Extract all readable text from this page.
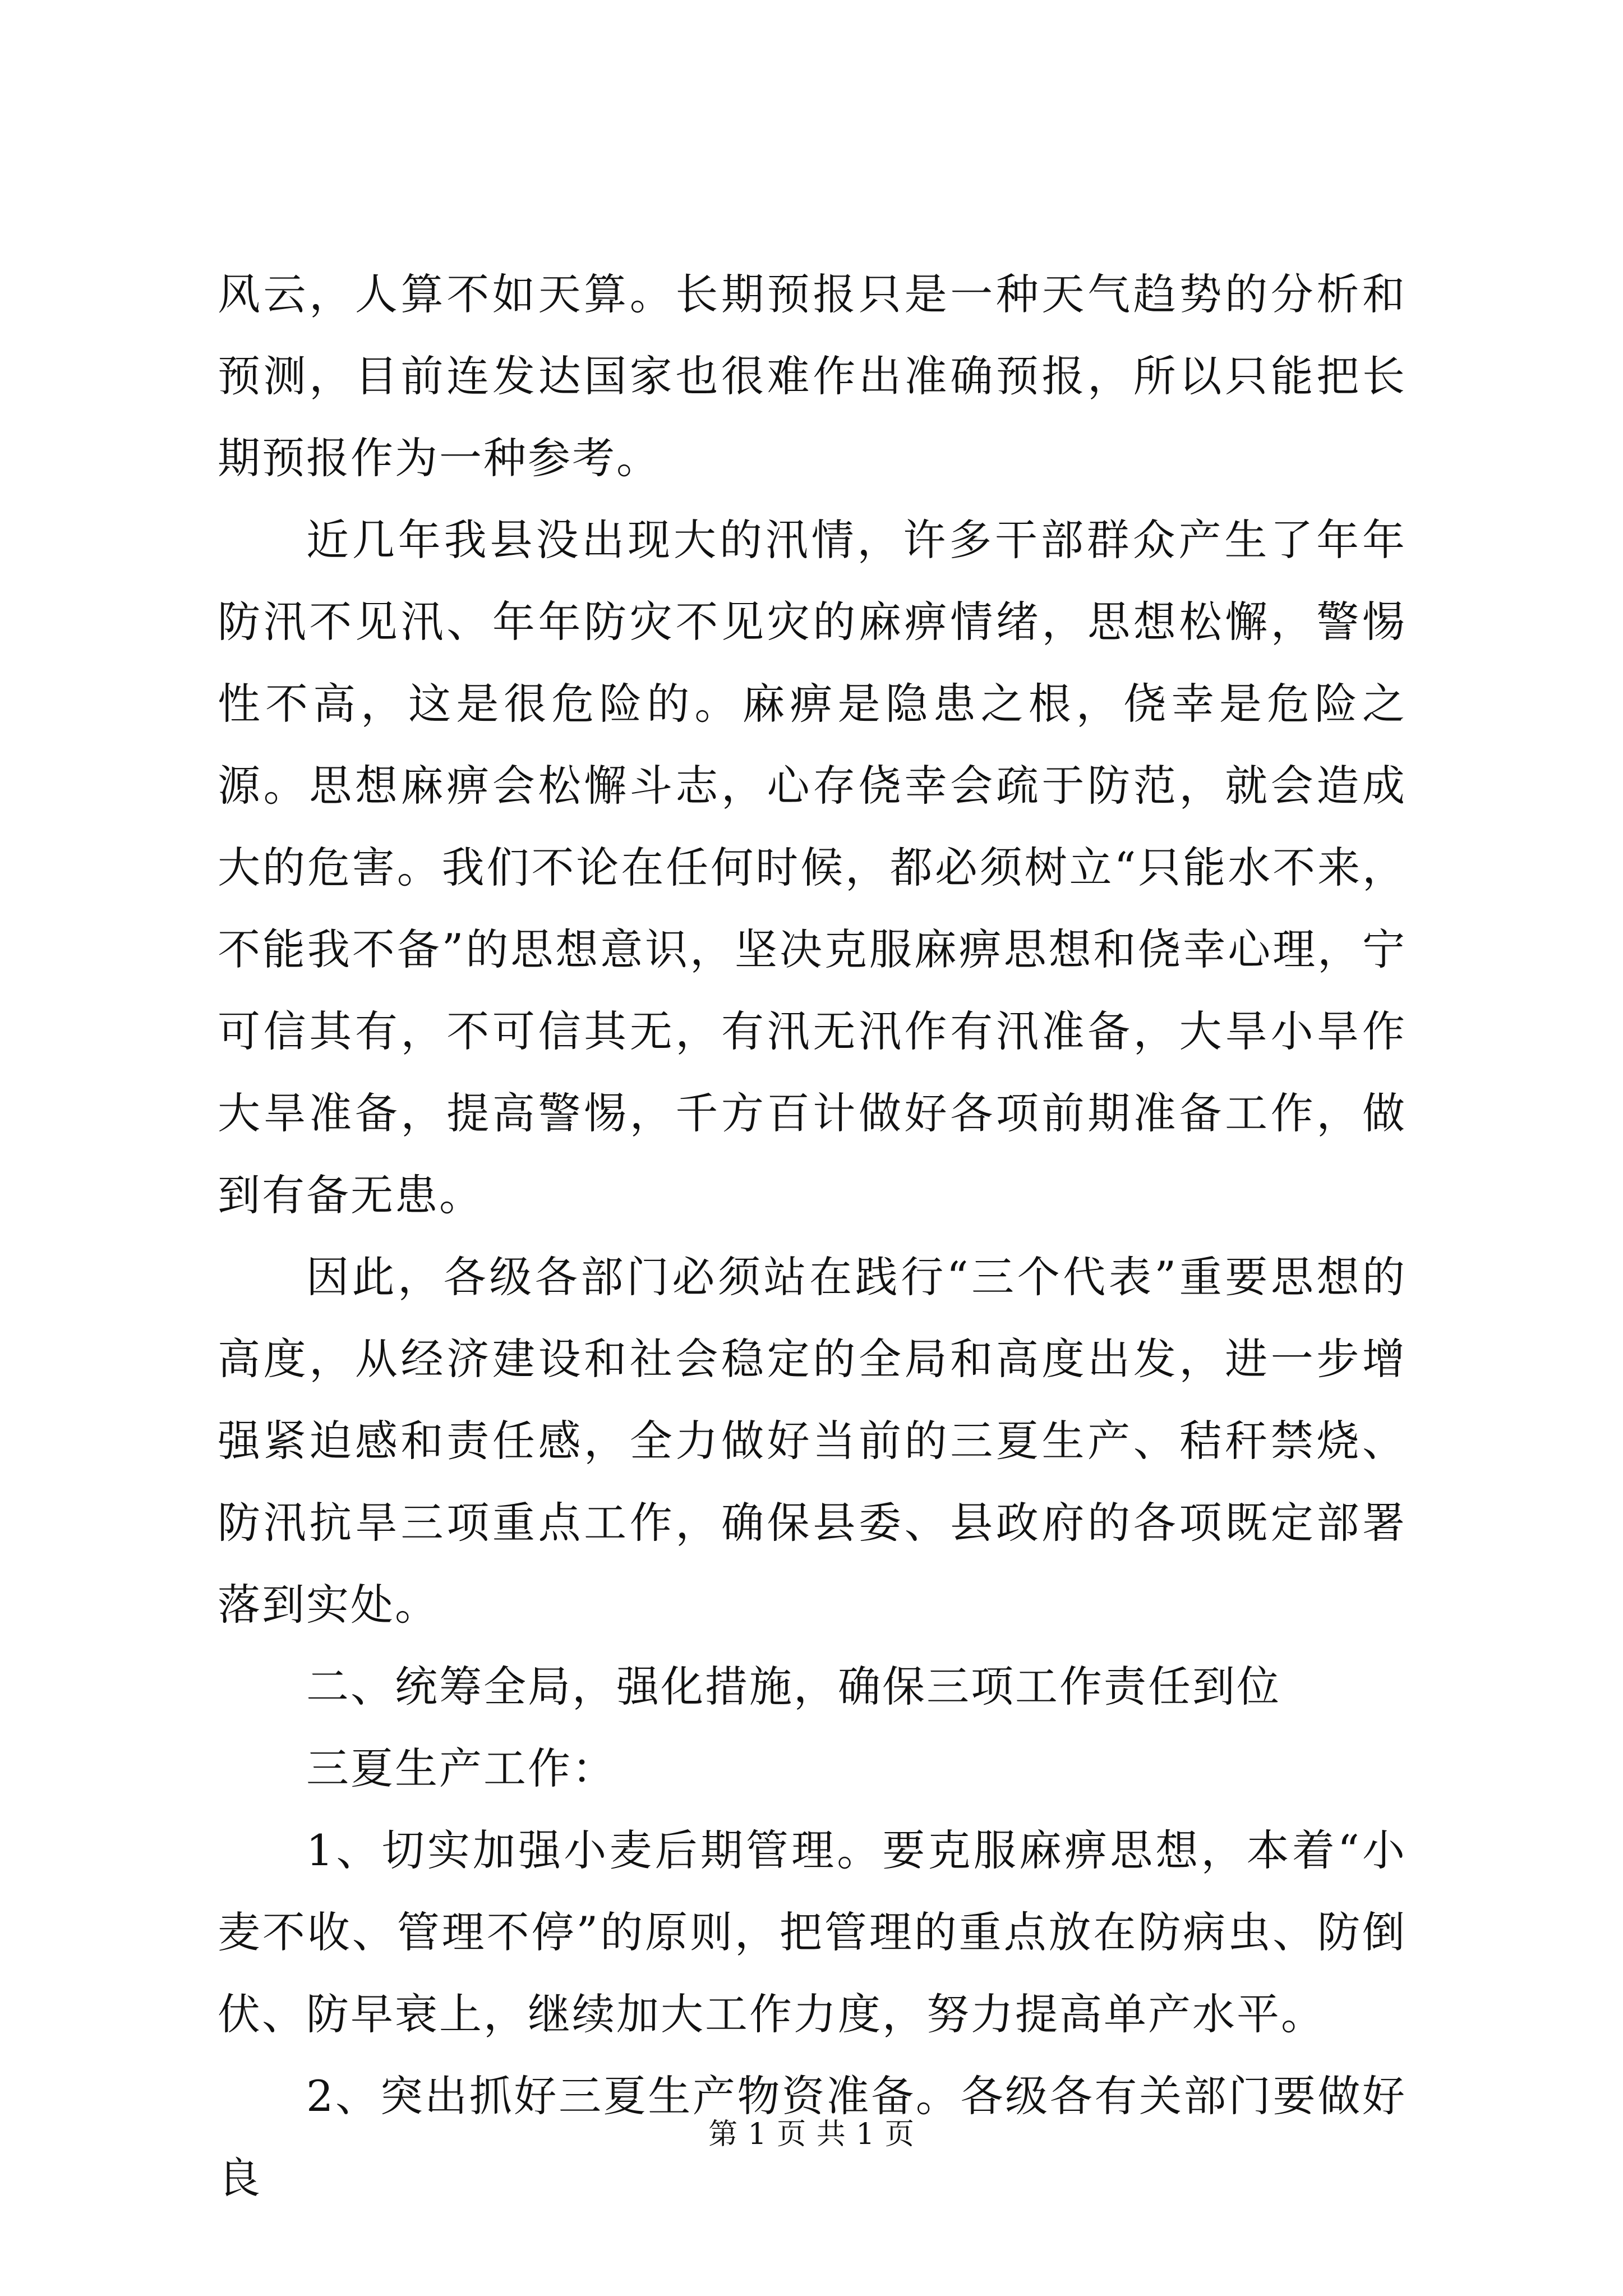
风云，人算不如天算。长期预报只是一种天气趋势的分析和预测，目前连发达国家也很难作出准确预报，所以只能把长期预报作为一种参考。

近几年我县没出现大的汛情，许多干部群众产生了年年防汛不见汛、年年防灾不见灾的麻痹情绪，思想松懈，警惕性不高，这是很危险的。麻痹是隐患之根，侥幸是危险之源。思想麻痹会松懈斗志，心存侥幸会疏于防范，就会造成大的危害。我们不论在任何时候，都必须树立“只能水不来，不能我不备”的思想意识，坚决克服麻痹思想和侥幸心理，宁可信其有，不可信其无，有汛无汛作有汛准备，大旱小旱作大旱准备，提高警惕，千方百计做好各项前期准备工作，做到有备无患。

因此，各级各部门必须站在践行“三个代表”重要思想的高度，从经济建设和社会稳定的全局和高度出发，进一步增强紧迫感和责任感，全力做好当前的三夏生产、秸秆禁烧、防汛抗旱三项重点工作，确保县委、县政府的各项既定部署落到实处。

二、统筹全局，强化措施，确保三项工作责任到位

三夏生产工作：

1、切实加强小麦后期管理。要克服麻痹思想，本着“小麦不收、管理不停”的原则，把管理的重点放在防病虫、防倒伏、防早衰上，继续加大工作力度，努力提高单产水平。

2、突出抓好三夏生产物资准备。各级各有关部门要做好良

第 1 页 共 1 页
